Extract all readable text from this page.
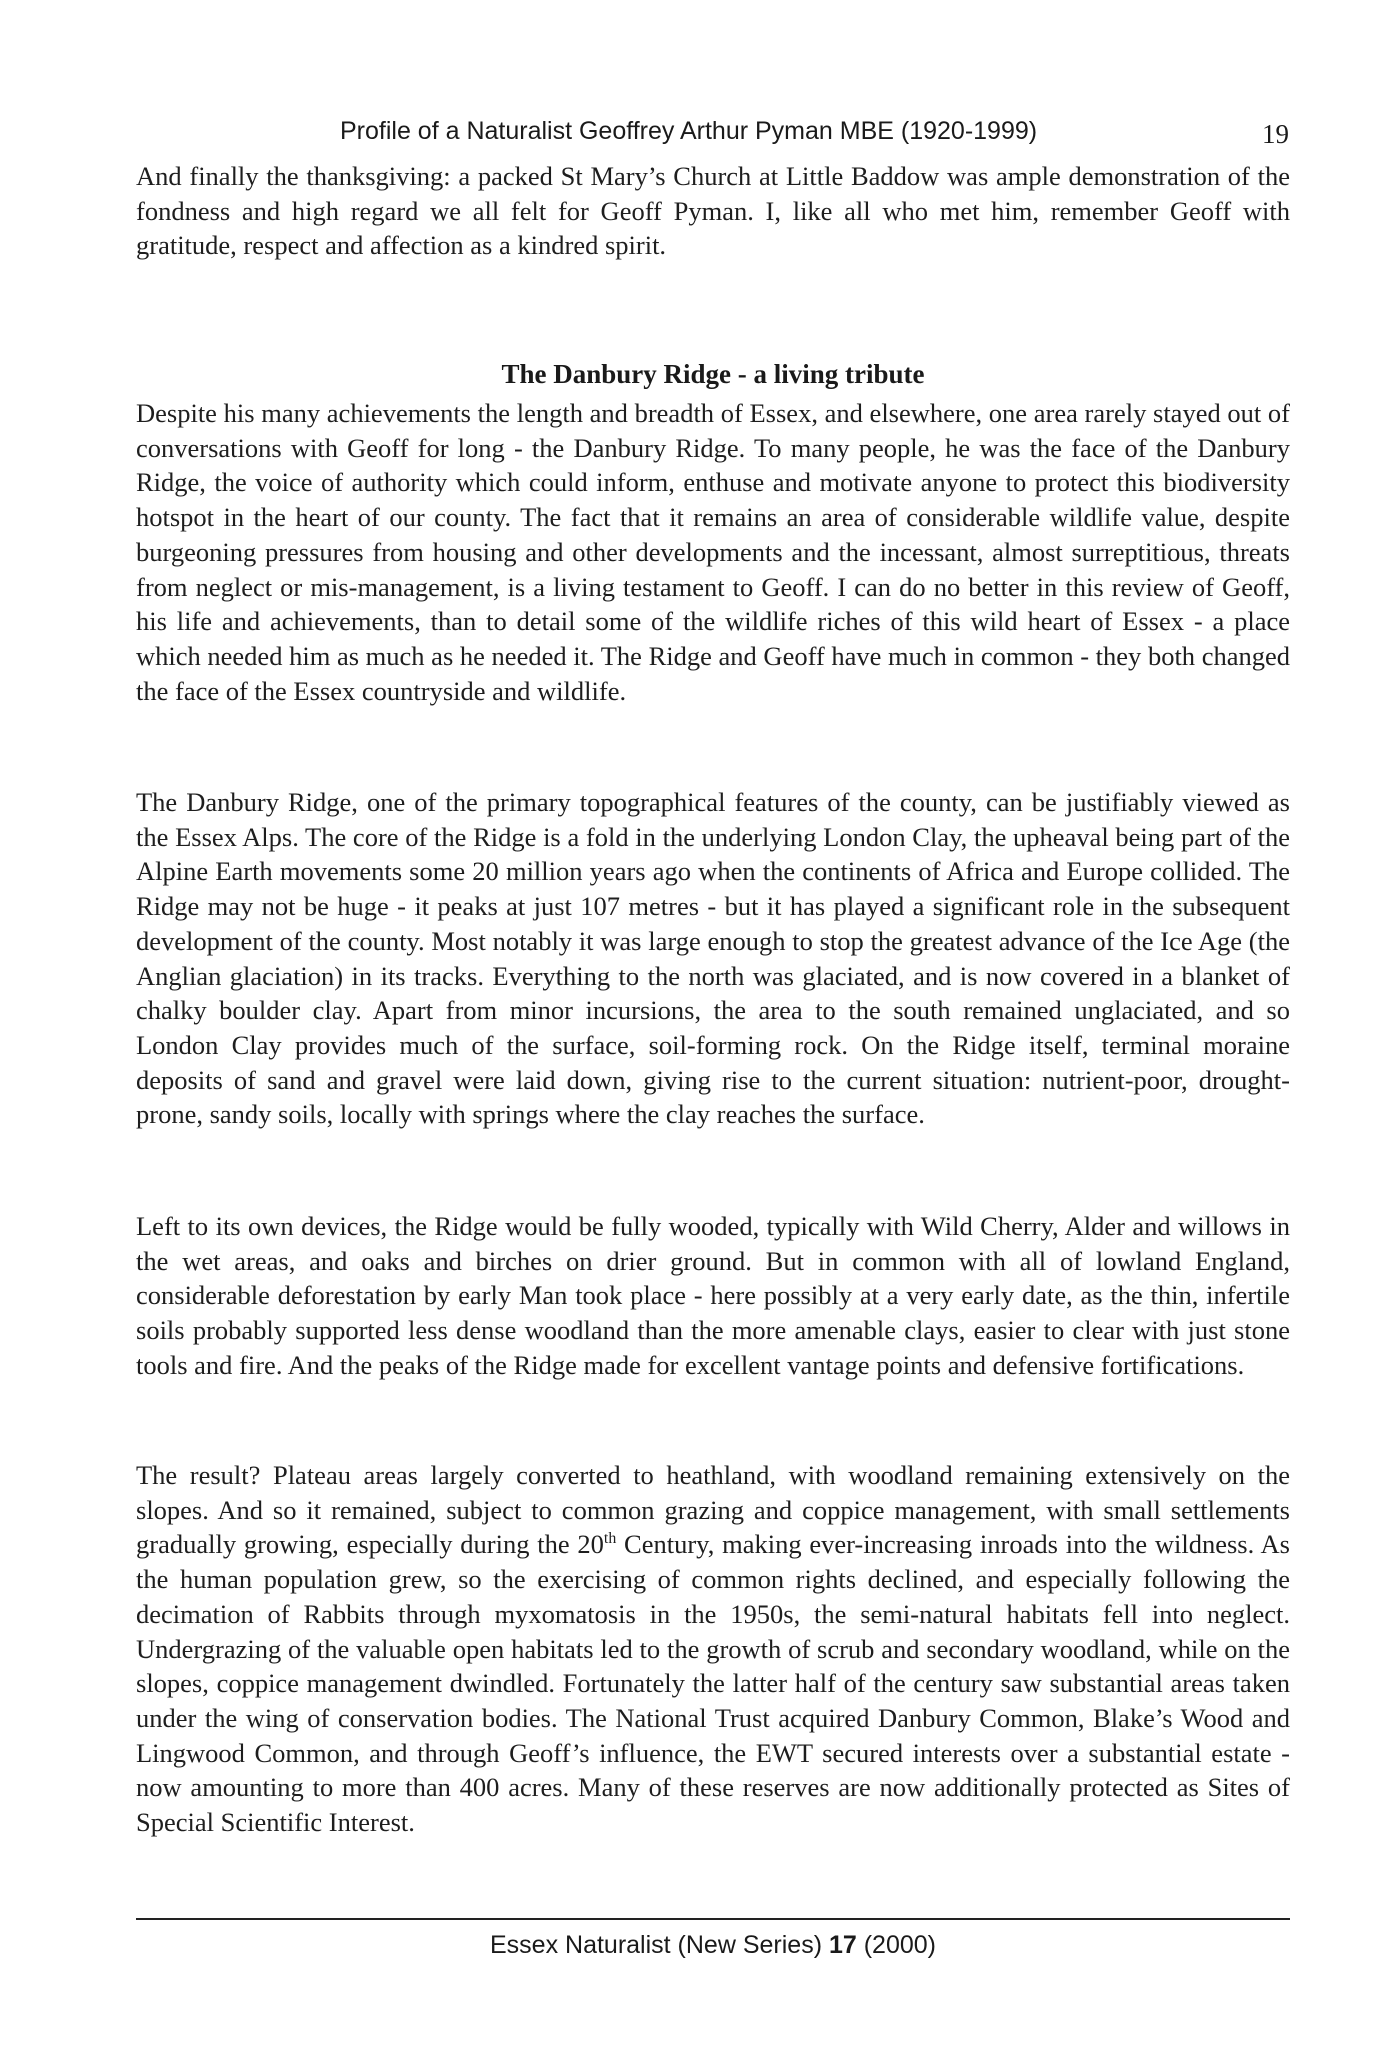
Profile of a Naturalist Geoffrey Arthur Pyman MBE (1920-1999)	19

And finally the thanksgiving: a packed St Mary’s Church at Little Baddow was ample demonstration of the fondness and high regard we all felt for Geoff Pyman. I, like all who met him, remember Geoff with gratitude, respect and affection as a kindred spirit.

The Danbury Ridge - a living tribute

Despite his many achievements the length and breadth of Essex, and elsewhere, one area rarely stayed out of conversations with Geoff for long - the Danbury Ridge. To many people, he was the face of the Danbury Ridge, the voice of authority which could inform, enthuse and motivate anyone to protect this biodiversity hotspot in the heart of our county. The fact that it remains an area of considerable wildlife value, despite burgeoning pressures from housing and other developments and the incessant, almost surreptitious, threats from neglect or mis-management, is a living testament to Geoff. I can do no better in this review of Geoff, his life and achievements, than to detail some of the wildlife riches of this wild heart of Essex - a place which needed him as much as he needed it. The Ridge and Geoff have much in common - they both changed the face of the Essex countryside and wildlife.

The Danbury Ridge, one of the primary topographical features of the county, can be justifiably viewed as the Essex Alps. The core of the Ridge is a fold in the underlying London Clay, the upheaval being part of the Alpine Earth movements some 20 million years ago when the continents of Africa and Europe collided. The Ridge may not be huge - it peaks at just 107 metres - but it has played a significant role in the subsequent development of the county. Most notably it was large enough to stop the greatest advance of the Ice Age (the Anglian glaciation) in its tracks. Everything to the north was glaciated, and is now covered in a blanket of chalky boulder clay. Apart from minor incursions, the area to the south remained unglaciated, and so London Clay provides much of the surface, soil-forming rock. On the Ridge itself, terminal moraine deposits of sand and gravel were laid down, giving rise to the current situation: nutrient-poor, drought-prone, sandy soils, locally with springs where the clay reaches the surface.

Left to its own devices, the Ridge would be fully wooded, typically with Wild Cherry, Alder and willows in the wet areas, and oaks and birches on drier ground. But in common with all of lowland England, considerable deforestation by early Man took place - here possibly at a very early date, as the thin, infertile soils probably supported less dense woodland than the more amenable clays, easier to clear with just stone tools and fire. And the peaks of the Ridge made for excellent vantage points and defensive fortifications.

The result? Plateau areas largely converted to heathland, with woodland remaining extensively on the slopes. And so it remained, subject to common grazing and coppice management, with small settlements gradually growing, especially during the 20th Century, making ever-increasing inroads into the wildness. As the human population grew, so the exercising of common rights declined, and especially following the decimation of Rabbits through myxomatosis in the 1950s, the semi-natural habitats fell into neglect. Undergrazing of the valuable open habitats led to the growth of scrub and secondary woodland, while on the slopes, coppice management dwindled. Fortunately the latter half of the century saw substantial areas taken under the wing of conservation bodies. The National Trust acquired Danbury Common, Blake’s Wood and Lingwood Common, and through Geoff’s influence, the EWT secured interests over a substantial estate - now amounting to more than 400 acres. Many of these reserves are now additionally protected as Sites of Special Scientific Interest.

Essex Naturalist (New Series) 17 (2000)
